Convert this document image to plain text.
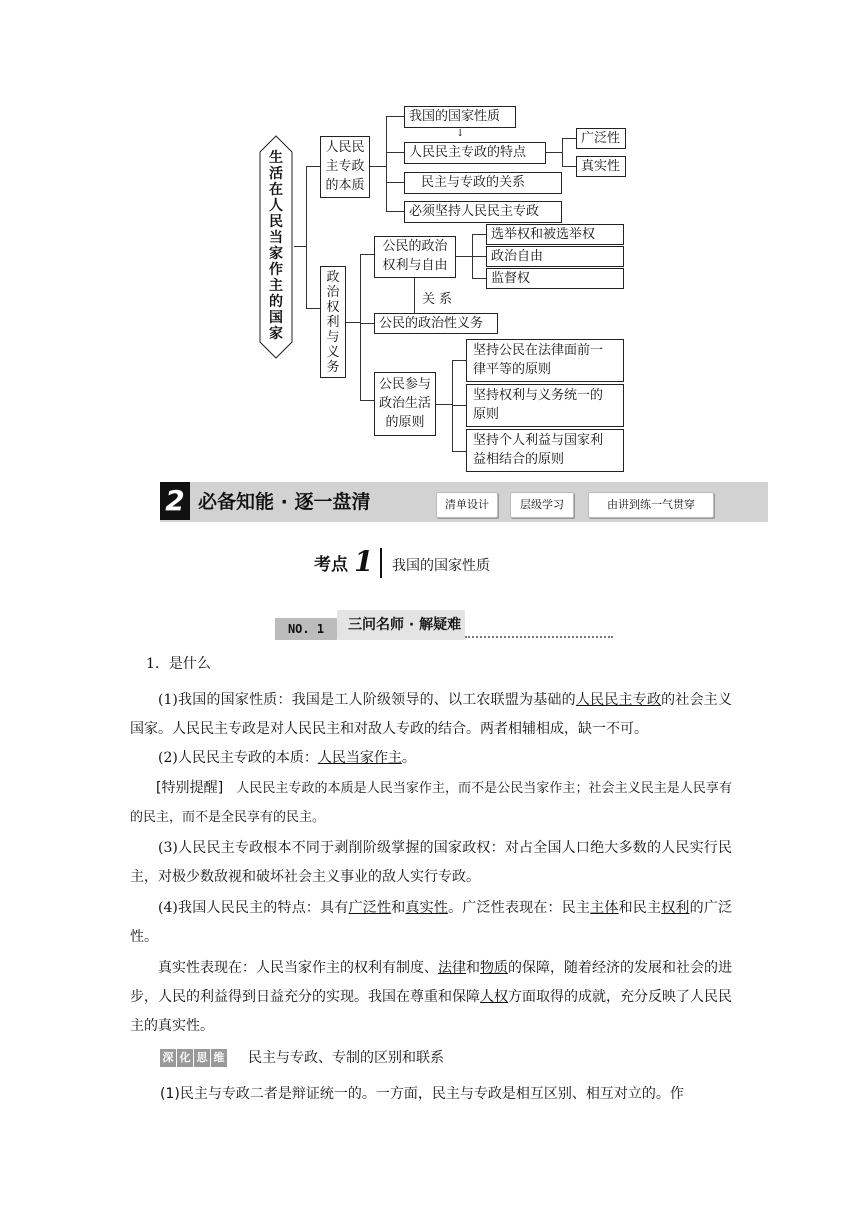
生
活
在
人
民
当
家
作
主
的
国
家
人民民
主专政
的本质
我国的国家性质
↓
人民民主专政的特点
民主与专政的关系
必须坚持人民民主专政
广泛性
真实性
政
治
权
利
与
义
务
公民的政治
权利与自由
选举权和被选举权
政治自由
监督权
关系
公民的政治性义务
公民参与
政治生活
的原则
坚持公民在法律面前一
律平等的原则
坚持权利与义务统一的
原则
坚持个人利益与国家利
益相结合的原则
2 必备知能 · 逐一盘清	清单设计	层级学习	由讲到练一气贯穿
考点 1 我国的国家性质
NO. 1	三问名师 · 解疑难
1．是什么
(1)我国的国家性质：我国是工人阶级领导的、以工农联盟为基础的人民民主专政的社会主义国家。人民民主专政是对人民民主和对敌人专政的结合。两者相辅相成，缺一不可。
(2)人民民主专政的本质：人民当家作主。
[特别提醒]　人民民主专政的本质是人民当家作主，而不是公民当家作主；社会主义民主是人民享有的民主，而不是全民享有的民主。
(3)人民民主专政根本不同于剥削阶级掌握的国家政权：对占全国人口绝大多数的人民实行民主，对极少数敌视和破坏社会主义事业的敌人实行专政。
(4)我国人民民主的特点：具有广泛性和真实性。广泛性表现在：民主主体和民主权利的广泛性。
真实性表现在：人民当家作主的权利有制度、法律和物质的保障，随着经济的发展和社会的进步，人民的利益得到日益充分的实现。我国在尊重和保障人权方面取得的成就，充分反映了人民民主的真实性。
深 化 思 维 民主与专政、专制的区别和联系
(1)民主与专政二者是辩证统一的。一方面，民主与专政是相互区别、相互对立的。作
